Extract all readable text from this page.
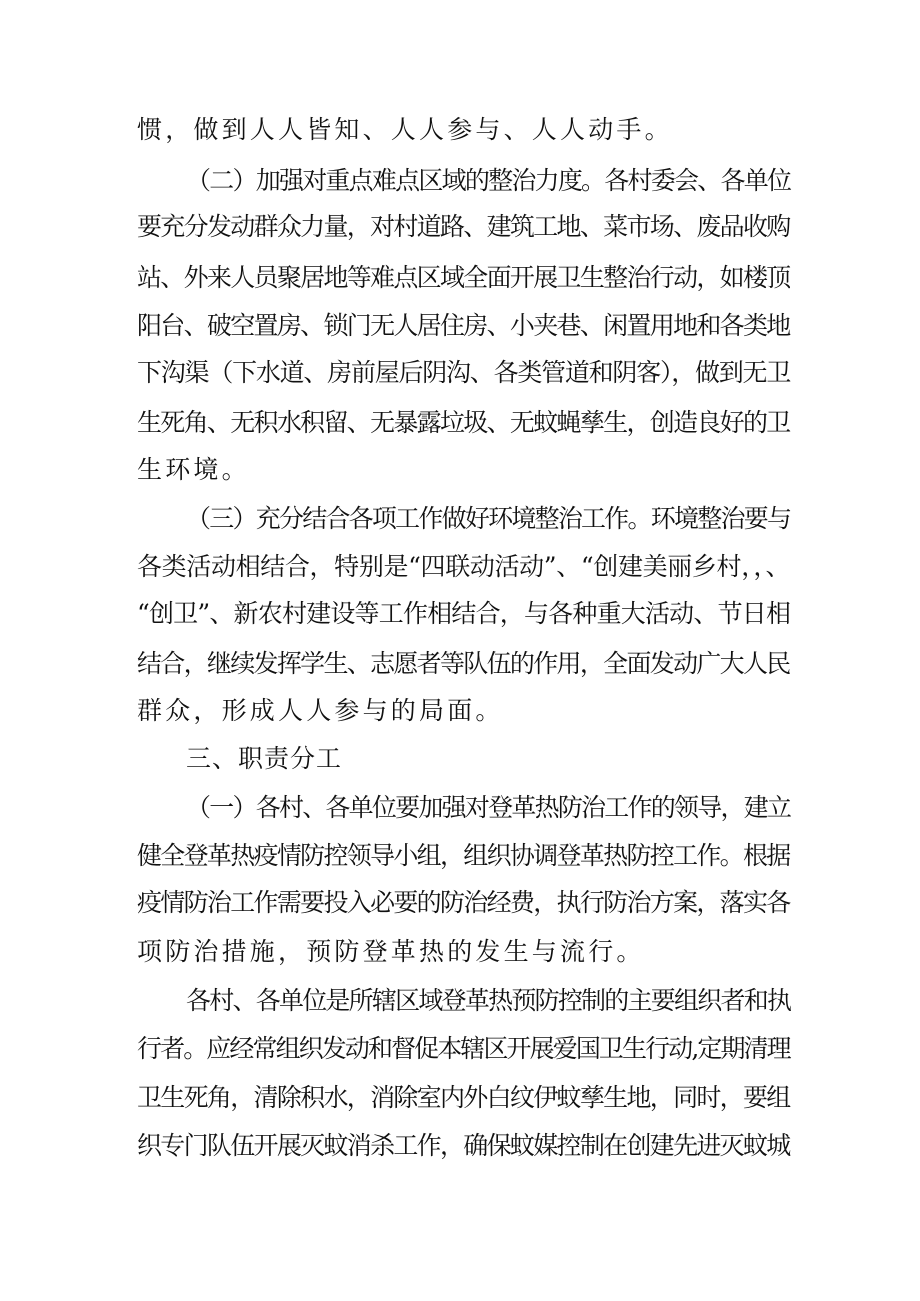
惯，做到人人皆知、人人参与、人人动手。
（二）加强对重点难点区域的整治力度。各村委会、各单位
要充分发动群众力量，对村道路、建筑工地、菜市场、废品收购
站、外来人员聚居地等难点区域全面开展卫生整治行动，如楼顶
阳台、破空置房、锁门无人居住房、小夹巷、闲置用地和各类地
下沟渠（下水道、房前屋后阴沟、各类管道和阴客），做到无卫
生死角、无积水积留、无暴露垃圾、无蚊蝇孳生，创造良好的卫
生环境。
（三）充分结合各项工作做好环境整治工作。环境整治要与
各类活动相结合，特别是“四联动活动”、“创建美丽乡村，，、
“创卫”、新农村建设等工作相结合，与各种重大活动、节日相
结合，继续发挥学生、志愿者等队伍的作用，全面发动广大人民
群众，形成人人参与的局面。
三、职责分工
（一）各村、各单位要加强对登革热防治工作的领导，建立
健全登革热疫情防控领导小组，组织协调登革热防控工作。根据
疫情防治工作需要投入必要的防治经费，执行防治方案，落实各
项防治措施，预防登革热的发生与流行。
各村、各单位是所辖区域登革热预防控制的主要组织者和执
行者。应经常组织发动和督促本辖区开展爱国卫生行动,定期清理
卫生死角，清除积水，消除室内外白纹伊蚊孳生地，同时，要组
织专门队伍开展灭蚊消杀工作，确保蚊媒控制在创建先进灭蚊城
